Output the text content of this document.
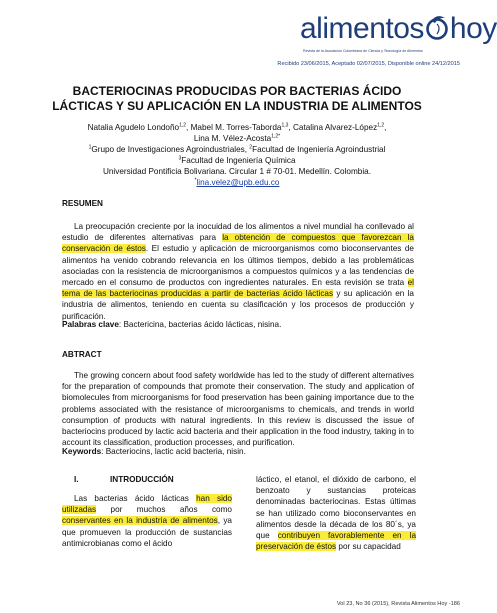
alimentos hoy
Revista de la Asociación Colombiana de Ciencia y Tecnología de Alimentos
Recibido 23/06/2015, Aceptado 02/07/2015, Disponible online 24/12/2015
BACTERIOCINAS PRODUCIDAS POR BACTERIAS ÁCIDO
LÁCTICAS Y SU APLICACIÓN EN LA INDUSTRIA DE ALIMENTOS
Natalia Agudelo Londoño$^{1,2}$, Mabel M. Torres-Taborda$^{1,3}$, Catalina Alvarez-López$^{1,2}$,
Lina M. Vélez-Acosta$^{1,2*}$
$^1$Grupo de Investigaciones Agroindustriales, $^2$Facultad de Ingeniería Agroindustrial
$^3$Facultad de Ingeniería Química
Universidad Pontificia Bolivariana. Circular 1 # 70-01. Medellín. Colombia.
*lina.velez@upb.edu.co
RESUMEN
La preocupación creciente por la inocuidad de los alimentos a nivel mundial ha conllevado al estudio de diferentes alternativas para la obtención de compuestos que favorezcan la conservación de éstos. El estudio y aplicación de microorganismos como bioconservantes de alimentos ha venido cobrando relevancia en los últimos tiempos, debido a las problemáticas asociadas con la resistencia de microorganismos a compuestos químicos y a las tendencias de mercado en el consumo de productos con ingredientes naturales. En esta revisión se trata el tema de las bacteriocinas producidas a partir de bacterias ácido lácticas y su aplicación en la industria de alimentos, teniendo en cuenta su clasificación y los procesos de producción y purificación.
Palabras clave: Bactericina, bacterias ácido lácticas, nisina.
ABTRACT
The growing concern about food safety worldwide has led to the study of different alternatives for the preparation of compounds that promote their conservation. The study and application of biomolecules from microorganisms for food preservation has been gaining importance due to the problems associated with the resistance of microorganisms to chemicals, and trends in world consumption of products with natural ingredients. In this review is discussed the issue of bacteriocins produced by lactic acid bacteria and their application in the food industry, taking in to account its classification, production processes, and purification.
Keywords: Bacteriocins, lactic acid bacteria, nisin.
I.	INTRODUCCIÓN
Las bacterias ácido lácticas han sido utilizadas por muchos años como conservantes en la industria de alimentos, ya que promueven la producción de sustancias antimicrobianas como el ácido
láctico, el etanol, el dióxido de carbono, el benzoato y sustancias proteicas denominadas bacteriocinas. Estas últimas se han utilizado como bioconservantes en alimentos desde la década de los 80´s, ya que contribuyen favorablemente en la preservación de éstos por su capacidad
Vol 23, No 36 (2015), Revista Alimentos Hoy -186
